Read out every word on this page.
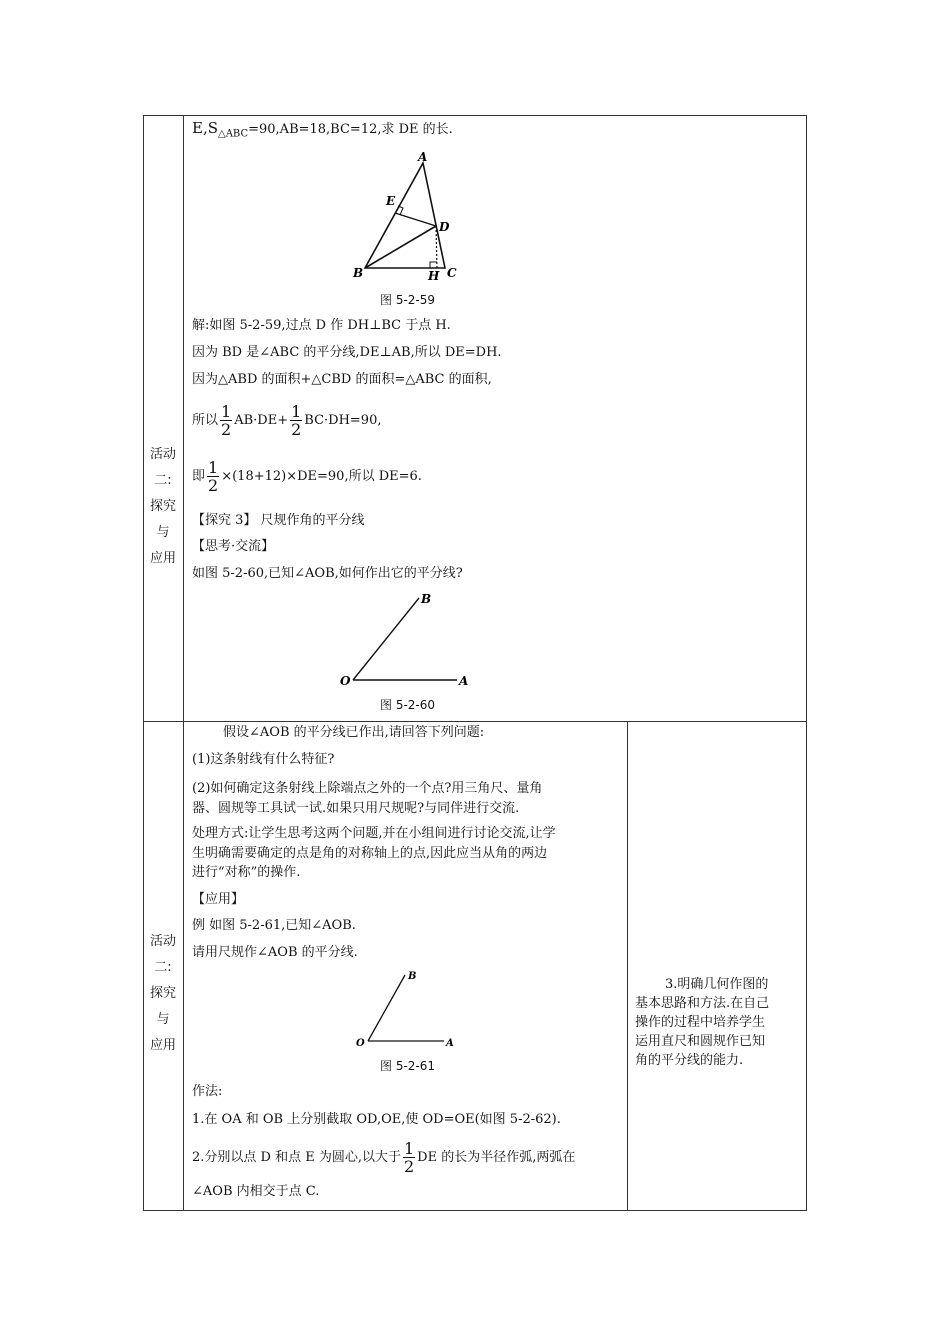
活动
二:
探究
与
应用
$E,S_{\triangle ABC}=90,AB=18,BC=12$,求 DE 的长.
A
E
D
B	H C
图 5-2-59
解:如图 5-2-59,过点 D 作 DH⊥BC 于点 H.
因为 BD 是∠ABC 的平分线,DE⊥AB,所以 DE=DH.
因为△ABD 的面积+△CBD 的面积=△ABC 的面积,
所以 $\frac{1}{2} AB\cdot DE+ \frac{1}{2} BC\cdot DH=90$,
即 $\frac{1}{2} \times(18+12)\times DE=90$,所以 DE=6.
【探究 3】 尺规作角的平分线
【思考·交流】
如图 5-2-60,已知∠AOB,如何作出它的平分线?
O	A
B
图 5-2-60
活动
二:
探究
与
应用
假设∠AOB 的平分线已作出,请回答下列问题:
(1)这条射线有什么特征?
(2)如何确定这条射线上除端点之外的一个点?用三角尺、量角
器、圆规等工具试一试.如果只用尺规呢?与同伴进行交流.
处理方式:让学生思考这两个问题,并在小组间进行讨论交流,让学
生明确需要确定的点是角的对称轴上的点,因此应当从角的两边
进行“对称”的操作.
【应用】
例 如图 5-2-61,已知∠AOB.
请用尺规作∠AOB 的平分线.
O	A
B
图 5-2-61
作法:
1.在 OA 和 OB 上分别截取 OD,OE,使 OD=OE(如图 5-2-62).
2.分别以点 D 和点 E 为圆心,以大于 $\frac{1}{2}$ DE 的长为半径作弧,两弧在
∠AOB 内相交于点 C.
3.明确几何作图的
基本思路和方法.在自己
操作的过程中培养学生
运用直尺和圆规作已知
角的平分线的能力.
